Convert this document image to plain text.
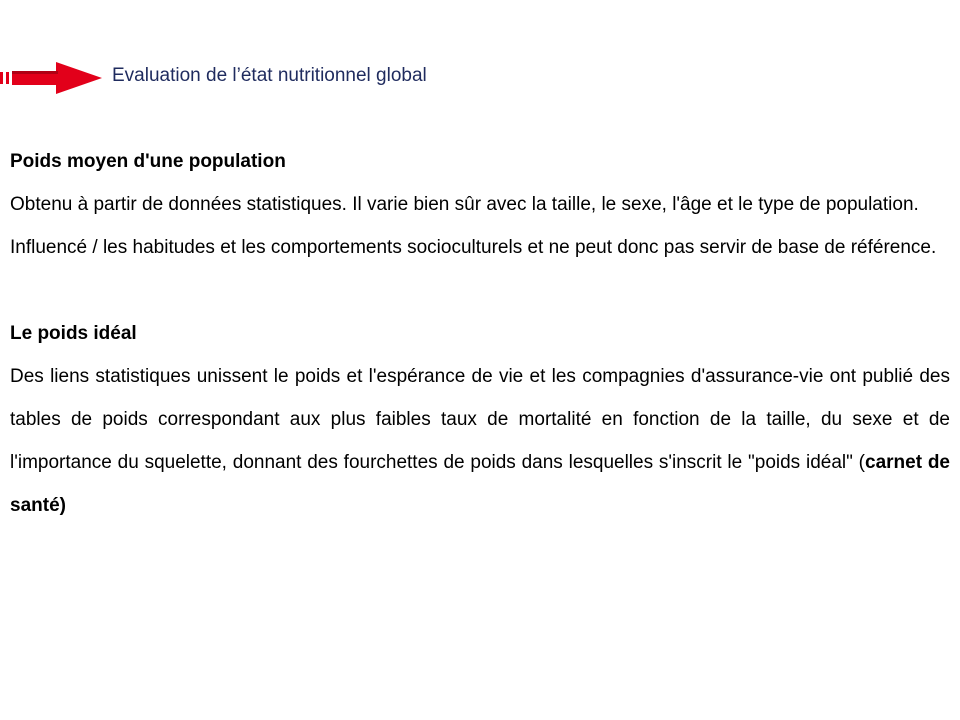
Evaluation de l’état nutritionnel global

Poids moyen d'une population

Obtenu à partir de données statistiques. Il varie bien sûr avec la taille, le sexe, l'âge et le type de population.

Influencé / les habitudes et les comportements socioculturels et ne peut donc pas servir de base de référence.

Le poids idéal

Des liens statistiques unissent le poids et l'espérance de vie et les compagnies d'assurance-vie ont publié des tables de poids correspondant aux plus faibles taux de mortalité en fonction de la taille, du sexe et de l'importance du squelette, donnant des fourchettes de poids dans lesquelles s'inscrit le "poids idéal" (carnet de santé)
